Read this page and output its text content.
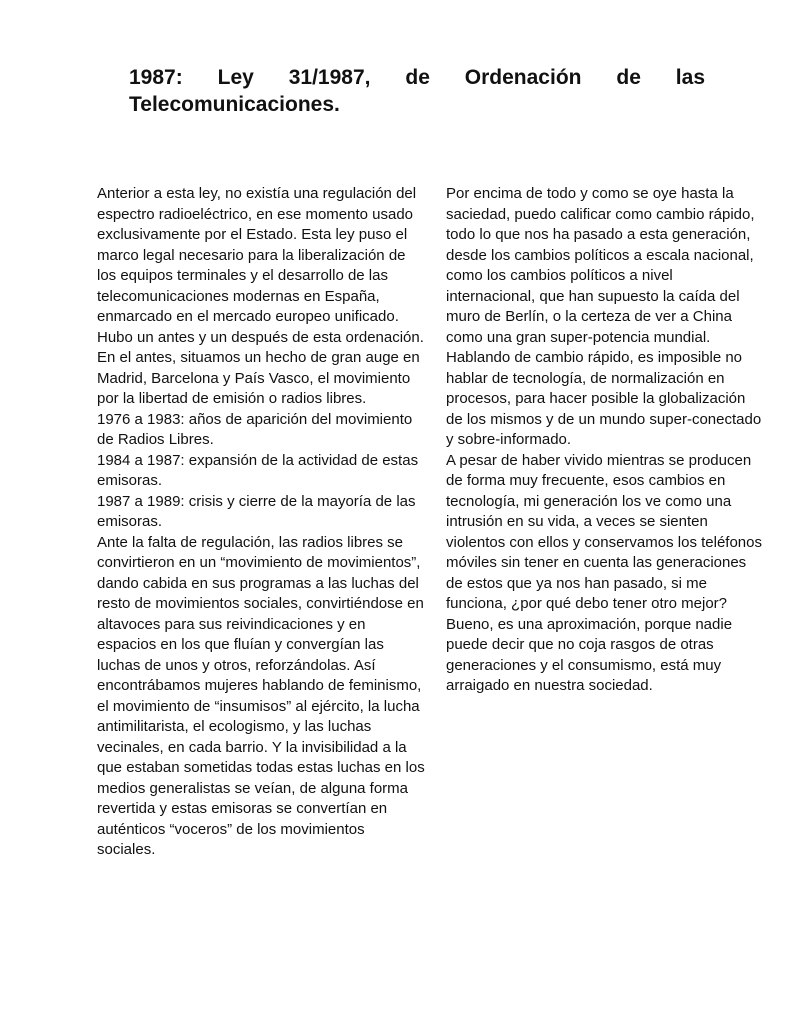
1987: Ley 31/1987, de Ordenación de las Telecomunicaciones.

Anterior a esta ley, no existía una regulación del espectro radioeléctrico, en ese momento usado exclusivamente por el Estado. Esta ley puso el marco legal necesario para la liberalización de los equipos terminales y el desarrollo de las telecomunicaciones modernas en España, enmarcado en el mercado europeo unificado. Hubo un antes y un después de esta ordenación.

En el antes, situamos un hecho de gran auge en Madrid, Barcelona y País Vasco, el movimiento por la libertad de emisión o radios libres.

1976 a 1983: años de aparición del movimiento de Radios Libres.

1984 a 1987: expansión de la actividad de estas emisoras.

1987 a 1989: crisis y cierre de la mayoría de las emisoras.

Ante la falta de regulación, las radios libres se convirtieron en un “movimiento de movimientos”, dando cabida en sus programas a las luchas del resto de movimientos sociales, convirtiéndose en altavoces para sus reivindicaciones y en espacios en los que fluían y convergían las luchas de unos y otros, reforzándolas. Así encontrábamos mujeres hablando de feminismo, el movimiento de “insumisos” al ejército, la lucha antimilitarista, el ecologismo, y las luchas vecinales, en cada barrio. Y la invisibilidad a la que estaban sometidas todas estas luchas en los medios generalistas se veían, de alguna forma revertida y estas emisoras se convertían en auténticos “voceros” de los movimientos sociales.

Por encima de todo y como se oye hasta la saciedad, puedo calificar como cambio rápido, todo lo que nos ha pasado a esta generación, desde los cambios políticos a escala nacional, como los cambios políticos a nivel internacional, que han supuesto la caída del muro de Berlín, o la certeza de ver a China como una gran super-potencia mundial.

Hablando de cambio rápido, es imposible no hablar de tecnología, de normalización en procesos, para hacer posible la globalización de los mismos y de un mundo super-conectado y sobre-informado.

A pesar de haber vivido mientras se producen de forma muy frecuente, esos cambios en tecnología, mi generación los ve como una intrusión en su vida, a veces se sienten violentos con ellos y conservamos los teléfonos móviles sin tener en cuenta las generaciones de estos que ya nos han pasado, si me funciona, ¿por qué debo tener otro mejor? Bueno, es una aproximación, porque nadie puede decir que no coja rasgos de otras generaciones y el consumismo, está muy arraigado en nuestra sociedad.
